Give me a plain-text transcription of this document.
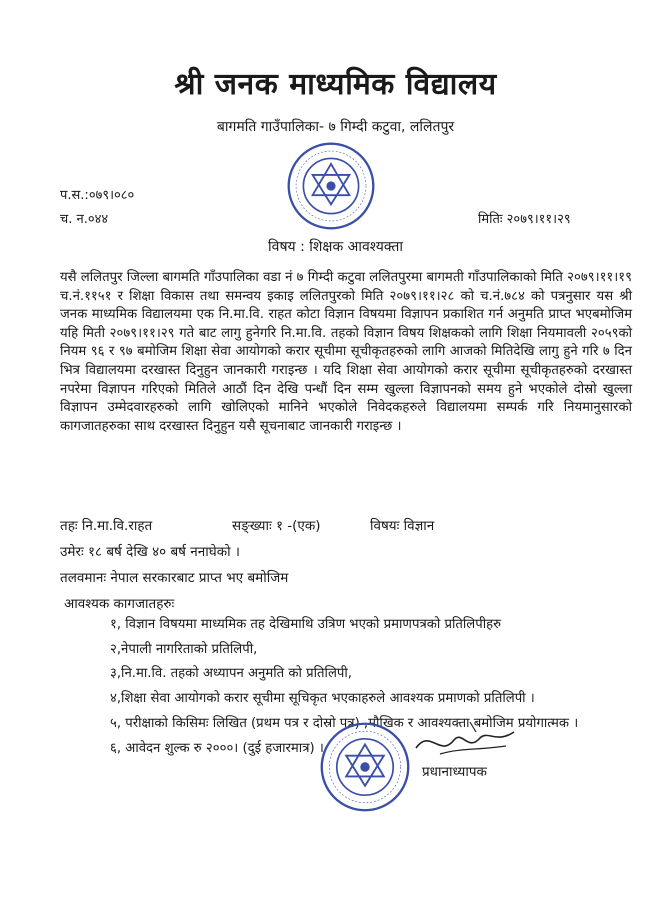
श्री जनक माध्यमिक विद्यालय
बागमति गाउँपालिका- ७ गिम्दी कटुवा, ललितपुर
प.स.:०७९।०८०
च. न.०४४	मितिः २०७९।११।२९
विषय : शिक्षक आवश्यक्ता

यसै ललितपुर जिल्ला बागमति गाँउपालिका वडा नं ७ गिम्दी कटुवा ललितपुरमा बागमती गाँउपालिकाको मिति २०७९।११।१९ च.नं.११५१ र शिक्षा विकास तथा समन्वय इकाइ ललितपुरको मिति २०७९।११।२८ को च.नं.७८४ को पत्रनुसार यस श्री जनक माध्यमिक विद्यालयमा एक नि.मा.वि. राहत कोटा विज्ञान विषयमा विज्ञापन प्रकाशित गर्न अनुमति प्राप्त भएबमोजिम यहि मिती २०७९।११।२९ गते बाट लागु हुनेगरि नि.मा.वि. तहको विज्ञान विषय शिक्षकको लागि शिक्षा नियमावली २०५९को नियम ९६ र ९७ बमोजिम शिक्षा सेवा आयोगको करार सूचीमा सूचीकृतहरुको लागि आजको मितिदेखि लागु हुने गरि ७ दिन भित्र विद्यालयमा दरखास्त दिनुहुन जानकारी गराइन्छ । यदि शिक्षा सेवा आयोगको करार सूचीमा सूचीकृतहरुको दरखास्त नपरेमा विज्ञापन गरिएको मितिले आठौं दिन देखि पन्धौं दिन सम्म खुल्ला विज्ञापनको समय हुने भएकोले दोस्रो खुल्ला विज्ञापन उम्मेदवारहरुको लागि खोलिएको मानिने भएकोले निवेदकहरुले विद्यालयमा सम्पर्क गरि नियमानुसारको कागजातहरुका साथ दरखास्त दिनुहुन यसै सूचनाबाट जानकारी गराइन्छ ।

तहः नि.मा.वि.राहत	सङ्ख्याः १ -(एक)	विषयः विज्ञान
उमेरः १८ बर्ष देखि ४० बर्ष ननाघेको ।
तलवमानः नेपाल सरकारबाट प्राप्त भए बमोजिम
आवश्यक कागजातहरुः
१, विज्ञान विषयमा माध्यमिक तह देखिमाथि उत्रिण भएको प्रमाणपत्रको प्रतिलिपीहरु
२,नेपाली नागरिताको प्रतिलिपी,
३,नि.मा.वि. तहको अध्यापन अनुमति को प्रतिलिपी,
४,शिक्षा सेवा आयोगको करार सूचीमा सूचिकृत भएकाहरुले आवश्यक प्रमाणको प्रतिलिपी ।
५, परीक्षाको किसिमः लिखित (प्रथम पत्र र दोस्रो पत्र) ,मौखिक र आवश्यक्ता बमोजिम प्रयोगात्मक ।
६, आवेदन शुल्क रु २०००। (दुई हजारमात्र) ।
प्रधानाध्यापक
